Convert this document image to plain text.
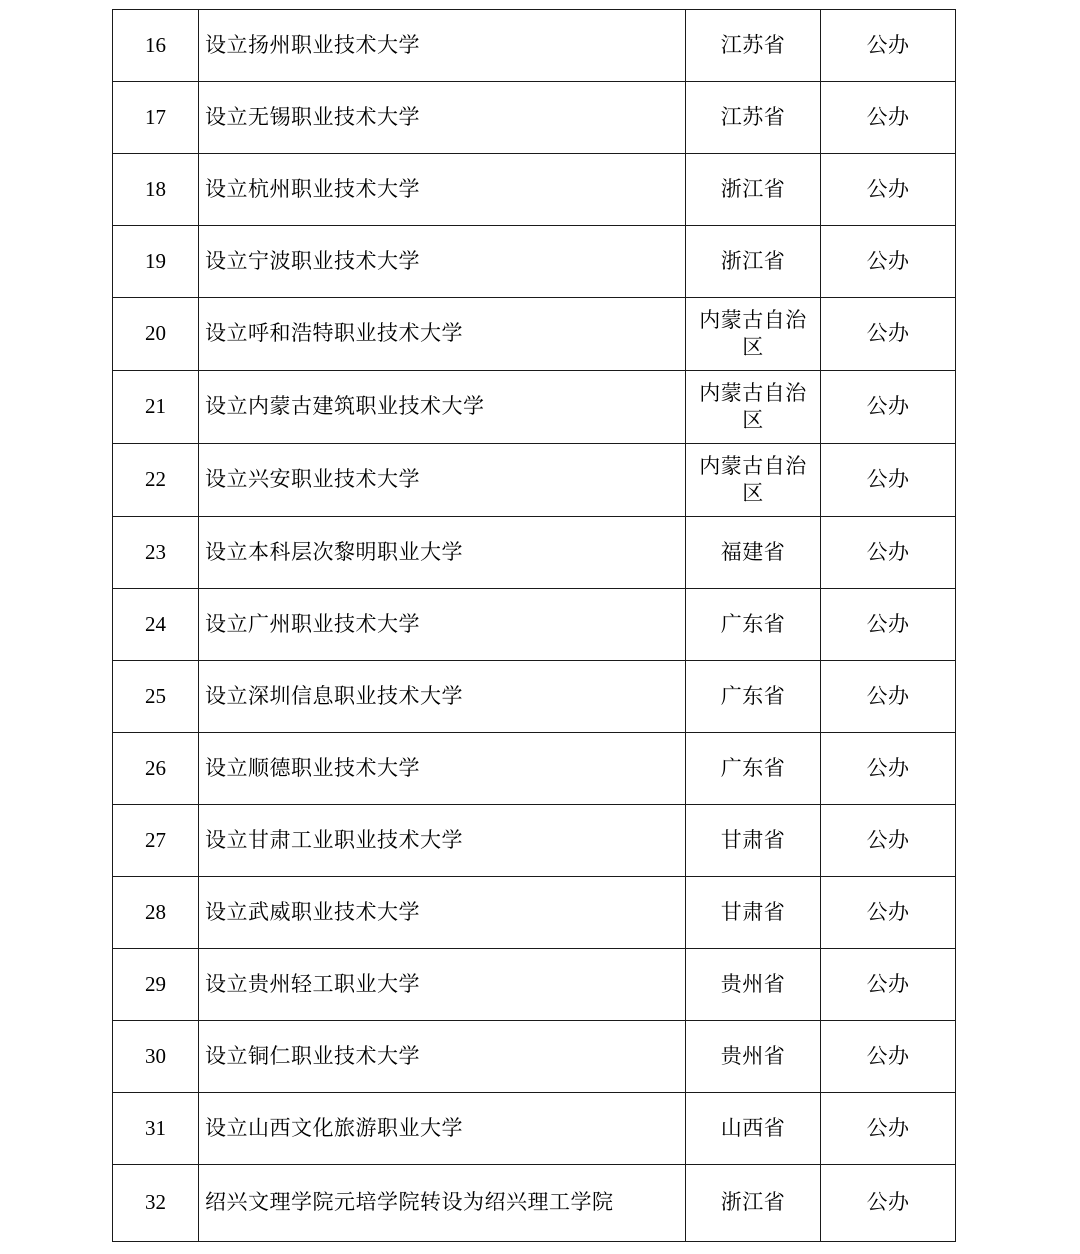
16	设立扬州职业技术大学	江苏省	公办
17	设立无锡职业技术大学	江苏省	公办
18	设立杭州职业技术大学	浙江省	公办
19	设立宁波职业技术大学	浙江省	公办
20	设立呼和浩特职业技术大学	内蒙古自治区	公办
21	设立内蒙古建筑职业技术大学	内蒙古自治区	公办
22	设立兴安职业技术大学	内蒙古自治区	公办
23	设立本科层次黎明职业大学	福建省	公办
24	设立广州职业技术大学	广东省	公办
25	设立深圳信息职业技术大学	广东省	公办
26	设立顺德职业技术大学	广东省	公办
27	设立甘肃工业职业技术大学	甘肃省	公办
28	设立武威职业技术大学	甘肃省	公办
29	设立贵州轻工职业大学	贵州省	公办
30	设立铜仁职业技术大学	贵州省	公办
31	设立山西文化旅游职业大学	山西省	公办
32	绍兴文理学院元培学院转设为绍兴理工学院	浙江省	公办
